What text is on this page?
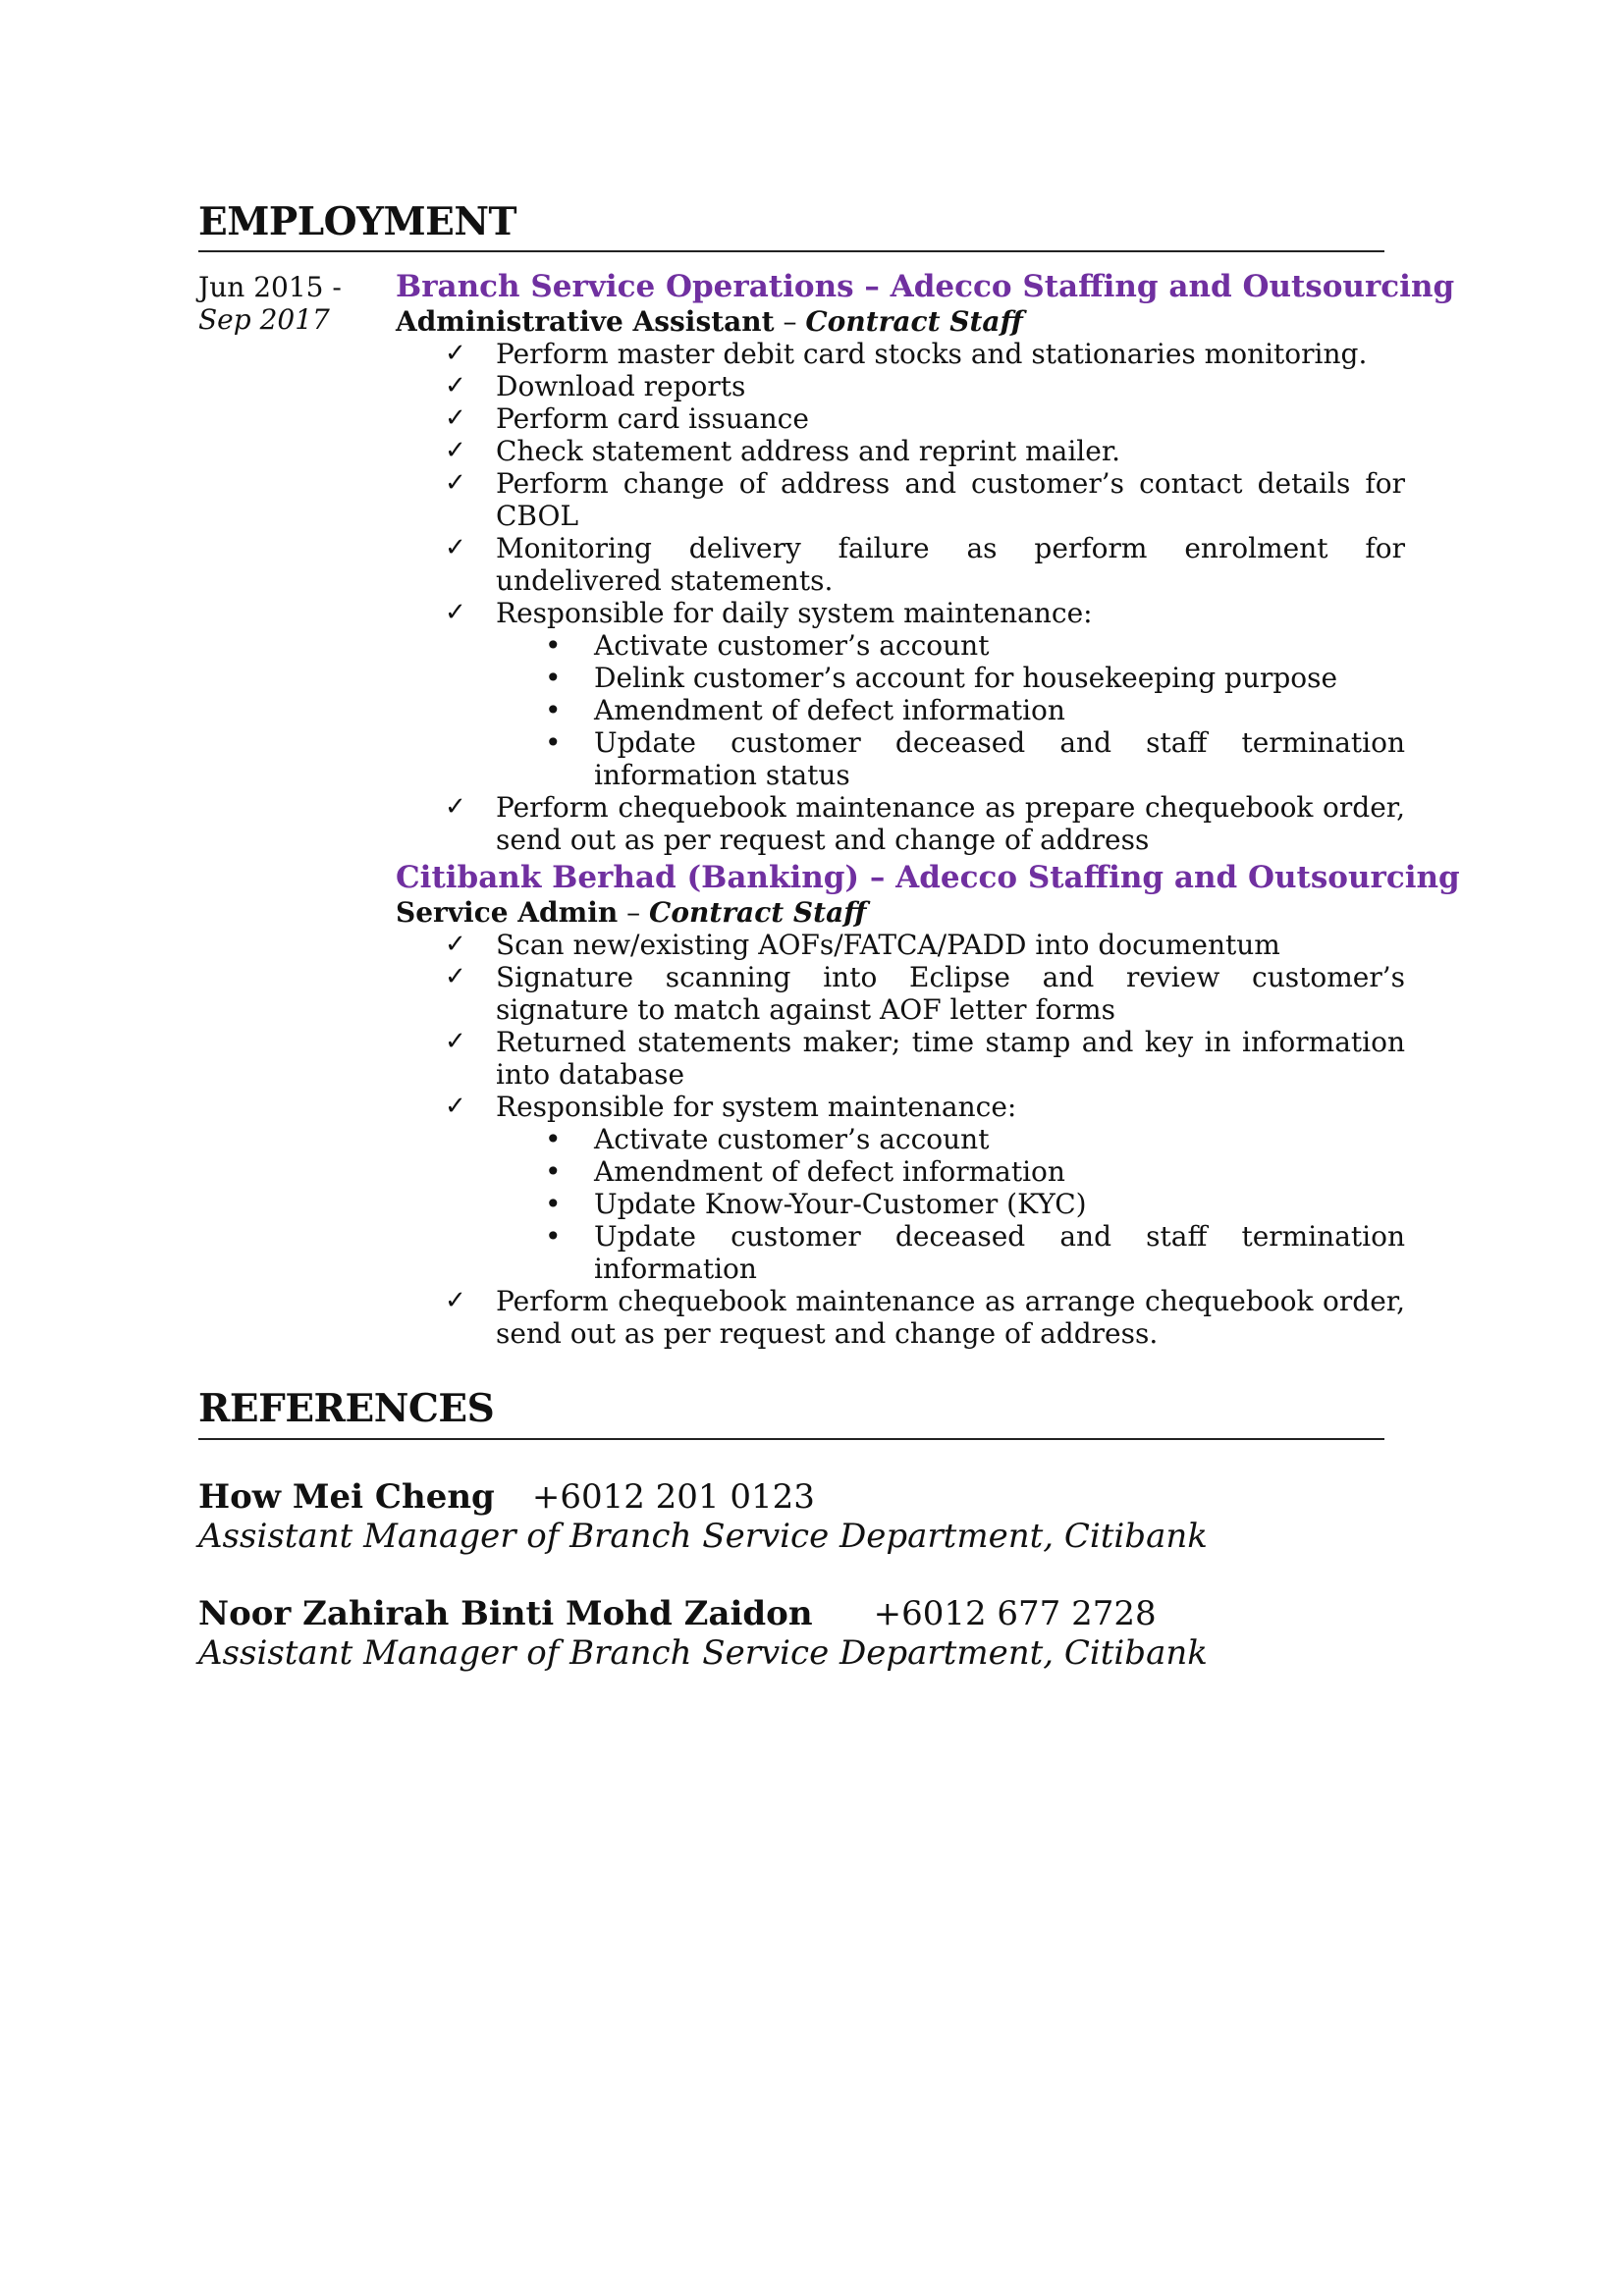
EMPLOYMENT
Jun 2015 -
Sep 2017
Branch Service Operations – Adecco Staffing and Outsourcing
Administrative Assistant – Contract Staff
✓ Perform master debit card stocks and stationaries monitoring.
✓ Download reports
✓ Perform card issuance
✓ Check statement address and reprint mailer.
✓ Perform change of address and customer’s contact details for CBOL
✓ Monitoring delivery failure as perform enrolment for undelivered statements.
✓ Responsible for daily system maintenance:
• Activate customer’s account
• Delink customer’s account for housekeeping purpose
• Amendment of defect information
• Update customer deceased and staff termination information status
✓ Perform chequebook maintenance as prepare chequebook order, send out as per request and change of address
Citibank Berhad (Banking) – Adecco Staffing and Outsourcing
Service Admin – Contract Staff
✓ Scan new/existing AOFs/FATCA/PADD into documentum
✓ Signature scanning into Eclipse and review customer’s signature to match against AOF letter forms
✓ Returned statements maker; time stamp and key in information into database
✓ Responsible for system maintenance:
• Activate customer’s account
• Amendment of defect information
• Update Know-Your-Customer (KYC)
• Update customer deceased and staff termination information
✓ Perform chequebook maintenance as arrange chequebook order, send out as per request and change of address.
REFERENCES
How Mei Cheng +6012 201 0123
Assistant Manager of Branch Service Department, Citibank
Noor Zahirah Binti Mohd Zaidon +6012 677 2728
Assistant Manager of Branch Service Department, Citibank
